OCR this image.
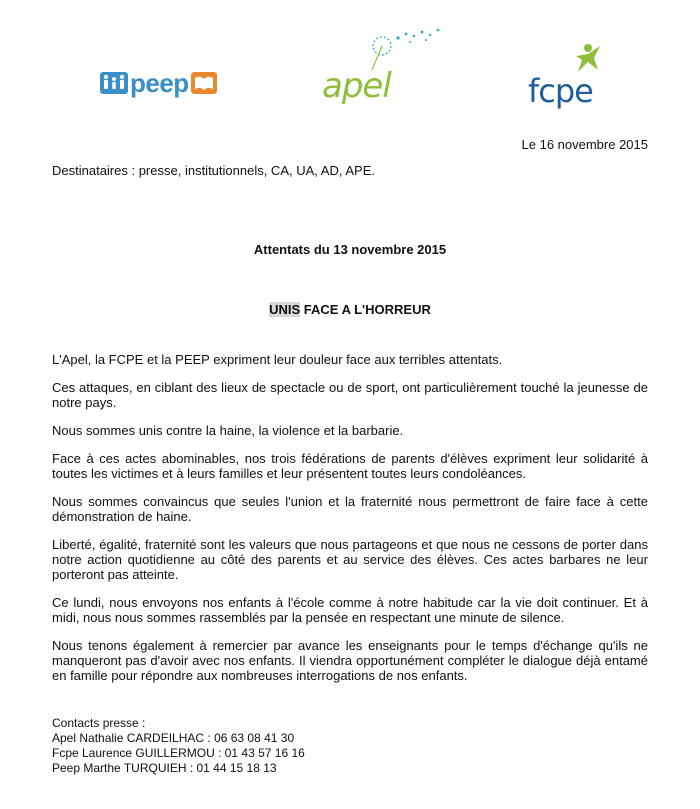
peep	apel	fcpe
Le 16 novembre 2015
Destinataires : presse, institutionnels, CA, UA, AD, APE.
Attentats du 13 novembre 2015
UNIS FACE A L'HORREUR

L'Apel, la FCPE et la PEEP expriment leur douleur face aux terribles attentats.

Ces attaques, en ciblant des lieux de spectacle ou de sport, ont particulièrement touché la jeunesse de notre pays.

Nous sommes unis contre la haine, la violence et la barbarie.

Face à ces actes abominables, nos trois fédérations de parents d'élèves expriment leur solidarité à toutes les victimes et à leurs familles et leur présentent toutes leurs condoléances.

Nous sommes convaincus que seules l'union et la fraternité nous permettront de faire face à cette démonstration de haine.

Liberté, égalité, fraternité sont les valeurs que nous partageons et que nous ne cessons de porter dans notre action quotidienne au côté des parents et au service des élèves. Ces actes barbares ne leur porteront pas atteinte.

Ce lundi, nous envoyons nos enfants à l'école comme à notre habitude car la vie doit continuer. Et à midi, nous nous sommes rassemblés par la pensée en respectant une minute de silence.

Nous tenons également à remercier par avance les enseignants pour le temps d'échange qu'ils ne manqueront pas d'avoir avec nos enfants. Il viendra opportunément compléter le dialogue déjà entamé en famille pour répondre aux nombreuses interrogations de nos enfants.

Contacts presse :
Apel Nathalie CARDEILHAC : 06 63 08 41 30
Fcpe Laurence GUILLERMOU : 01 43 57 16 16
Peep Marthe TURQUIEH : 01 44 15 18 13
